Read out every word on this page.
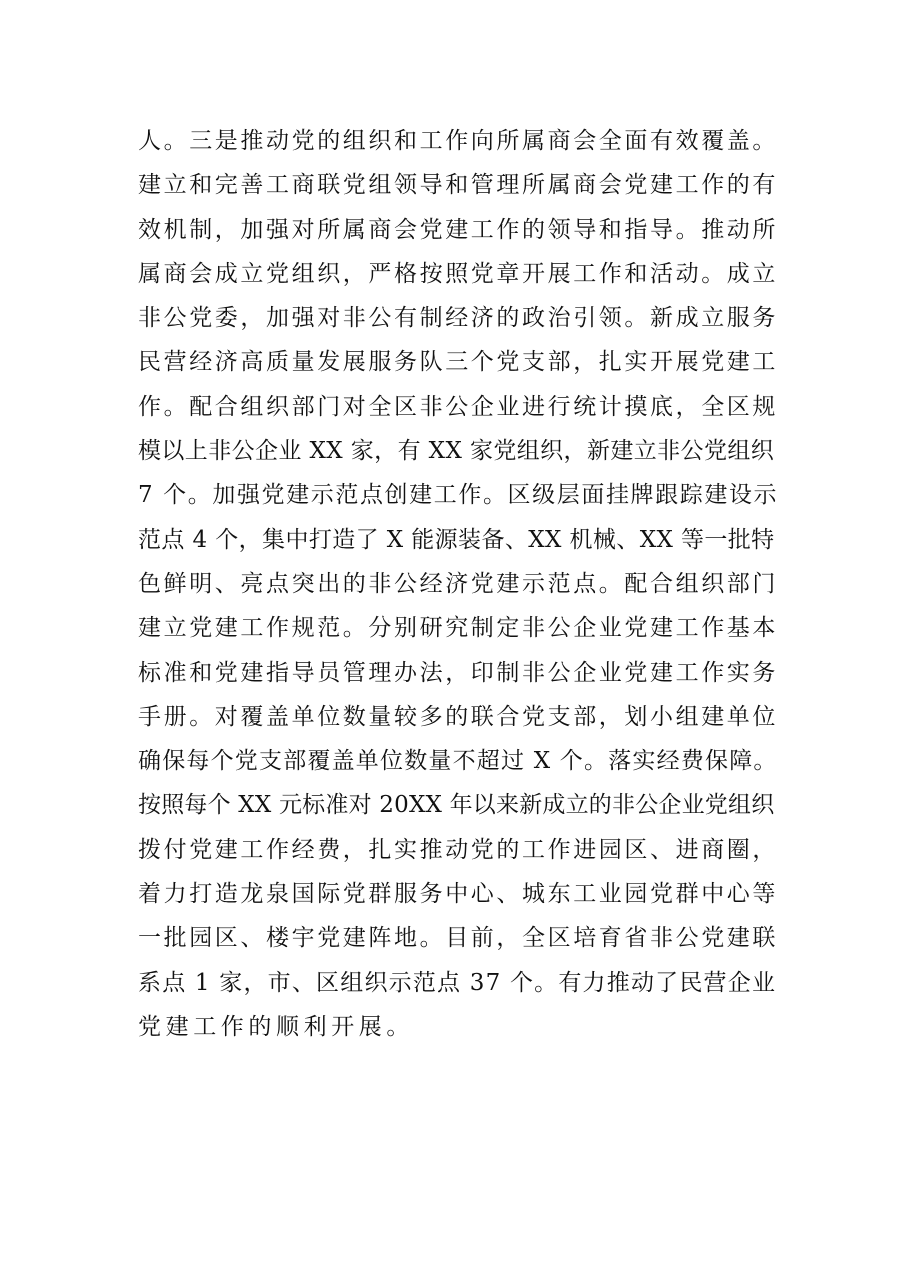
人。三是推动党的组织和工作向所属商会全面有效覆盖。
建立和完善工商联党组领导和管理所属商会党建工作的有
效机制，加强对所属商会党建工作的领导和指导。推动所
属商会成立党组织，严格按照党章开展工作和活动。成立
非公党委，加强对非公有制经济的政治引领。新成立服务
民营经济高质量发展服务队三个党支部，扎实开展党建工
作。配合组织部门对全区非公企业进行统计摸底，全区规
模以上非公企业 XX 家，有 XX 家党组织，新建立非公党组织
7 个。加强党建示范点创建工作。区级层面挂牌跟踪建设示
范点 4 个，集中打造了 X 能源装备、XX 机械、XX 等一批特
色鲜明、亮点突出的非公经济党建示范点。配合组织部门
建立党建工作规范。分别研究制定非公企业党建工作基本
标准和党建指导员管理办法，印制非公企业党建工作实务
手册。对覆盖单位数量较多的联合党支部，划小组建单位
确保每个党支部覆盖单位数量不超过 X 个。落实经费保障。
按照每个 XX 元标准对 20XX 年以来新成立的非公企业党组织
拨付党建工作经费，扎实推动党的工作进园区、进商圈，
着力打造龙泉国际党群服务中心、城东工业园党群中心等
一批园区、楼宇党建阵地。目前，全区培育省非公党建联
系点 1 家，市、区组织示范点 37 个。有力推动了民营企业
党建工作的顺利开展。
